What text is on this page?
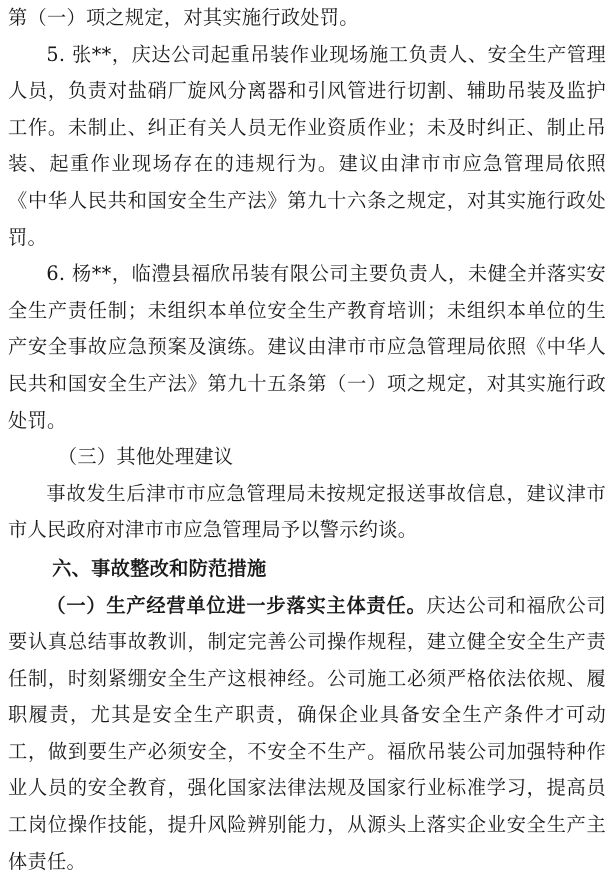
第（一）项之规定，对其实施行政处罚。

5. 张**，庆达公司起重吊装作业现场施工负责人、安全生产管理人员，负责对盐硝厂旋风分离器和引风管进行切割、辅助吊装及监护工作。未制止、纠正有关人员无作业资质作业；未及时纠正、制止吊装、起重作业现场存在的违规行为。建议由津市市应急管理局依照《中华人民共和国安全生产法》第九十六条之规定，对其实施行政处罚。

6. 杨**，临澧县福欣吊装有限公司主要负责人，未健全并落实安全生产责任制；未组织本单位安全生产教育培训；未组织本单位的生产安全事故应急预案及演练。建议由津市市应急管理局依照《中华人民共和国安全生产法》第九十五条第（一）项之规定，对其实施行政处罚。

（三）其他处理建议

事故发生后津市市应急管理局未按规定报送事故信息，建议津市市人民政府对津市市应急管理局予以警示约谈。

六、事故整改和防范措施

（一）生产经营单位进一步落实主体责任。庆达公司和福欣公司要认真总结事故教训，制定完善公司操作规程，建立健全安全生产责任制，时刻紧绷安全生产这根神经。公司施工必须严格依法依规、履职履责，尤其是安全生产职责，确保企业具备安全生产条件才可动工，做到要生产必须安全，不安全不生产。福欣吊装公司加强特种作业人员的安全教育，强化国家法律法规及国家行业标准学习，提高员工岗位操作技能，提升风险辨别能力，从源头上落实企业安全生产主体责任。
